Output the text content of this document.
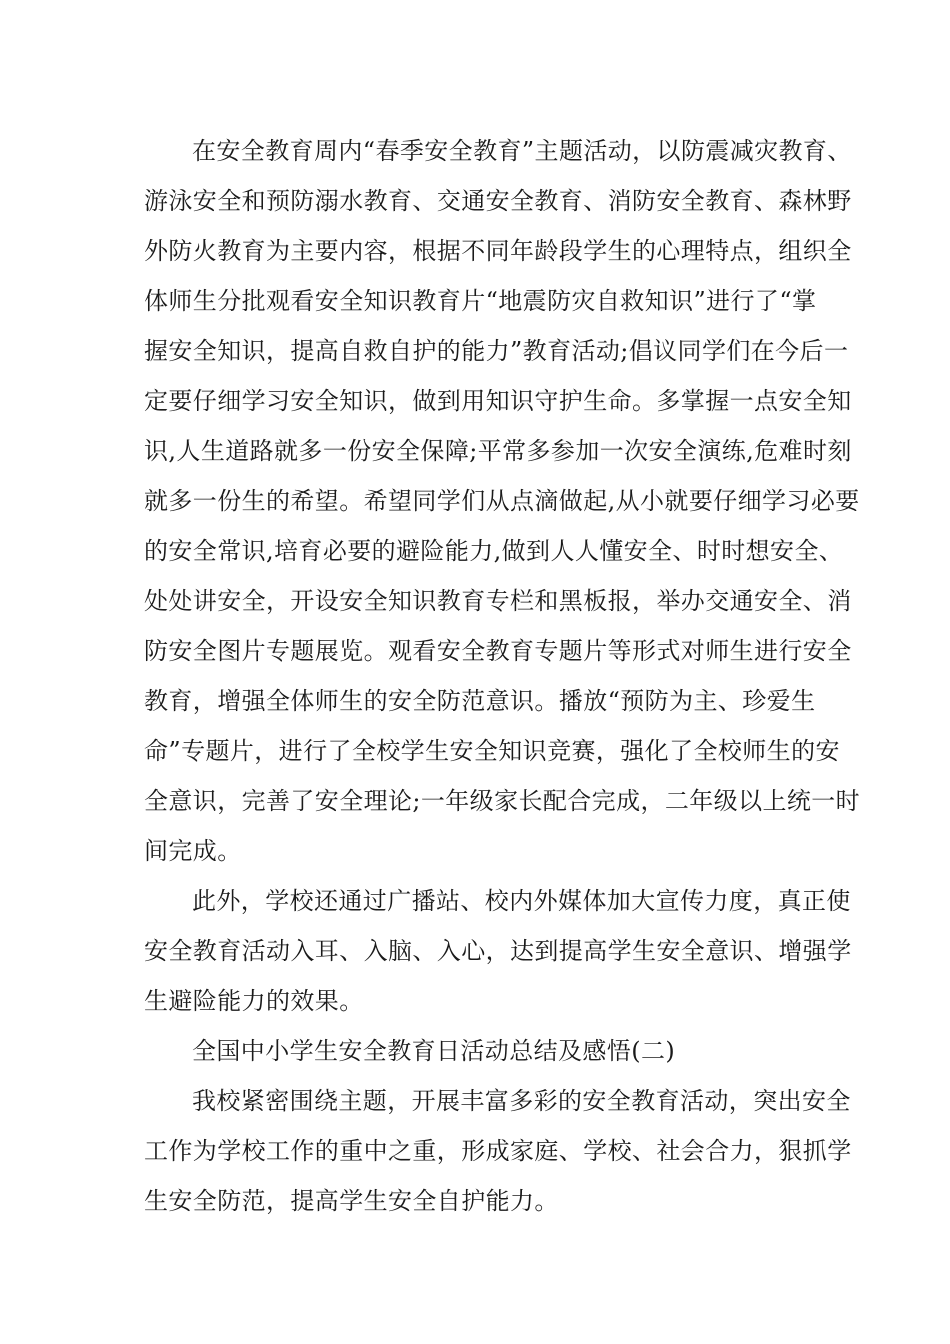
在安全教育周内“春季安全教育”主题活动，以防震减灾教育、
游泳安全和预防溺水教育、交通安全教育、消防安全教育、森林野
外防火教育为主要内容，根据不同年龄段学生的心理特点，组织全
体师生分批观看安全知识教育片“地震防灾自救知识”进行了“掌
握安全知识，提高自救自护的能力”教育活动;倡议同学们在今后一
定要仔细学习安全知识，做到用知识守护生命。多掌握一点安全知
识,人生道路就多一份安全保障;平常多参加一次安全演练,危难时刻
就多一份生的希望。希望同学们从点滴做起,从小就要仔细学习必要
的安全常识,培育必要的避险能力,做到人人懂安全、时时想安全、
处处讲安全，开设安全知识教育专栏和黑板报，举办交通安全、消
防安全图片专题展览。观看安全教育专题片等形式对师生进行安全
教育，增强全体师生的安全防范意识。播放“预防为主、珍爱生
命”专题片，进行了全校学生安全知识竞赛，强化了全校师生的安
全意识，完善了安全理论;一年级家长配合完成，二年级以上统一时
间完成。
此外，学校还通过广播站、校内外媒体加大宣传力度，真正使
安全教育活动入耳、入脑、入心，达到提高学生安全意识、增强学
生避险能力的效果。
全国中小学生安全教育日活动总结及感悟(二)
我校紧密围绕主题，开展丰富多彩的安全教育活动，突出安全
工作为学校工作的重中之重，形成家庭、学校、社会合力，狠抓学
生安全防范，提高学生安全自护能力。
